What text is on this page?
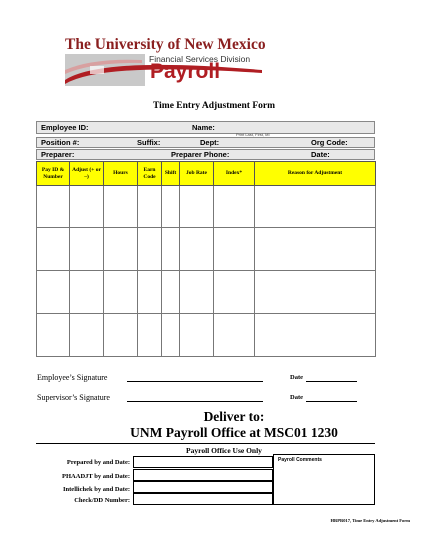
The University of New Mexico
Financial Services Division
Payroll
Time Entry Adjustment Form
Employee ID:	Name:
Print Last, First, MI
Position #:	Suffix:	Dept:	Org Code:
Preparer:	Preparer Phone:	Date:
Pay ID & Number	Adjust (+ or –)	Hours	Earn Code	Shift	Job Rate	Index*	Reason for Adjustment

Employee’s Signature	Date
Supervisor’s Signature	Date
Deliver to:
UNM Payroll Office at MSC01 1230
Payroll Office Use Only
Prepared by and Date:
PHAADJT by and Date:
Intellichek by and Date:
Check/DD Number:
Payroll Comments
HRPR017, Time Entry Adjustment Form
